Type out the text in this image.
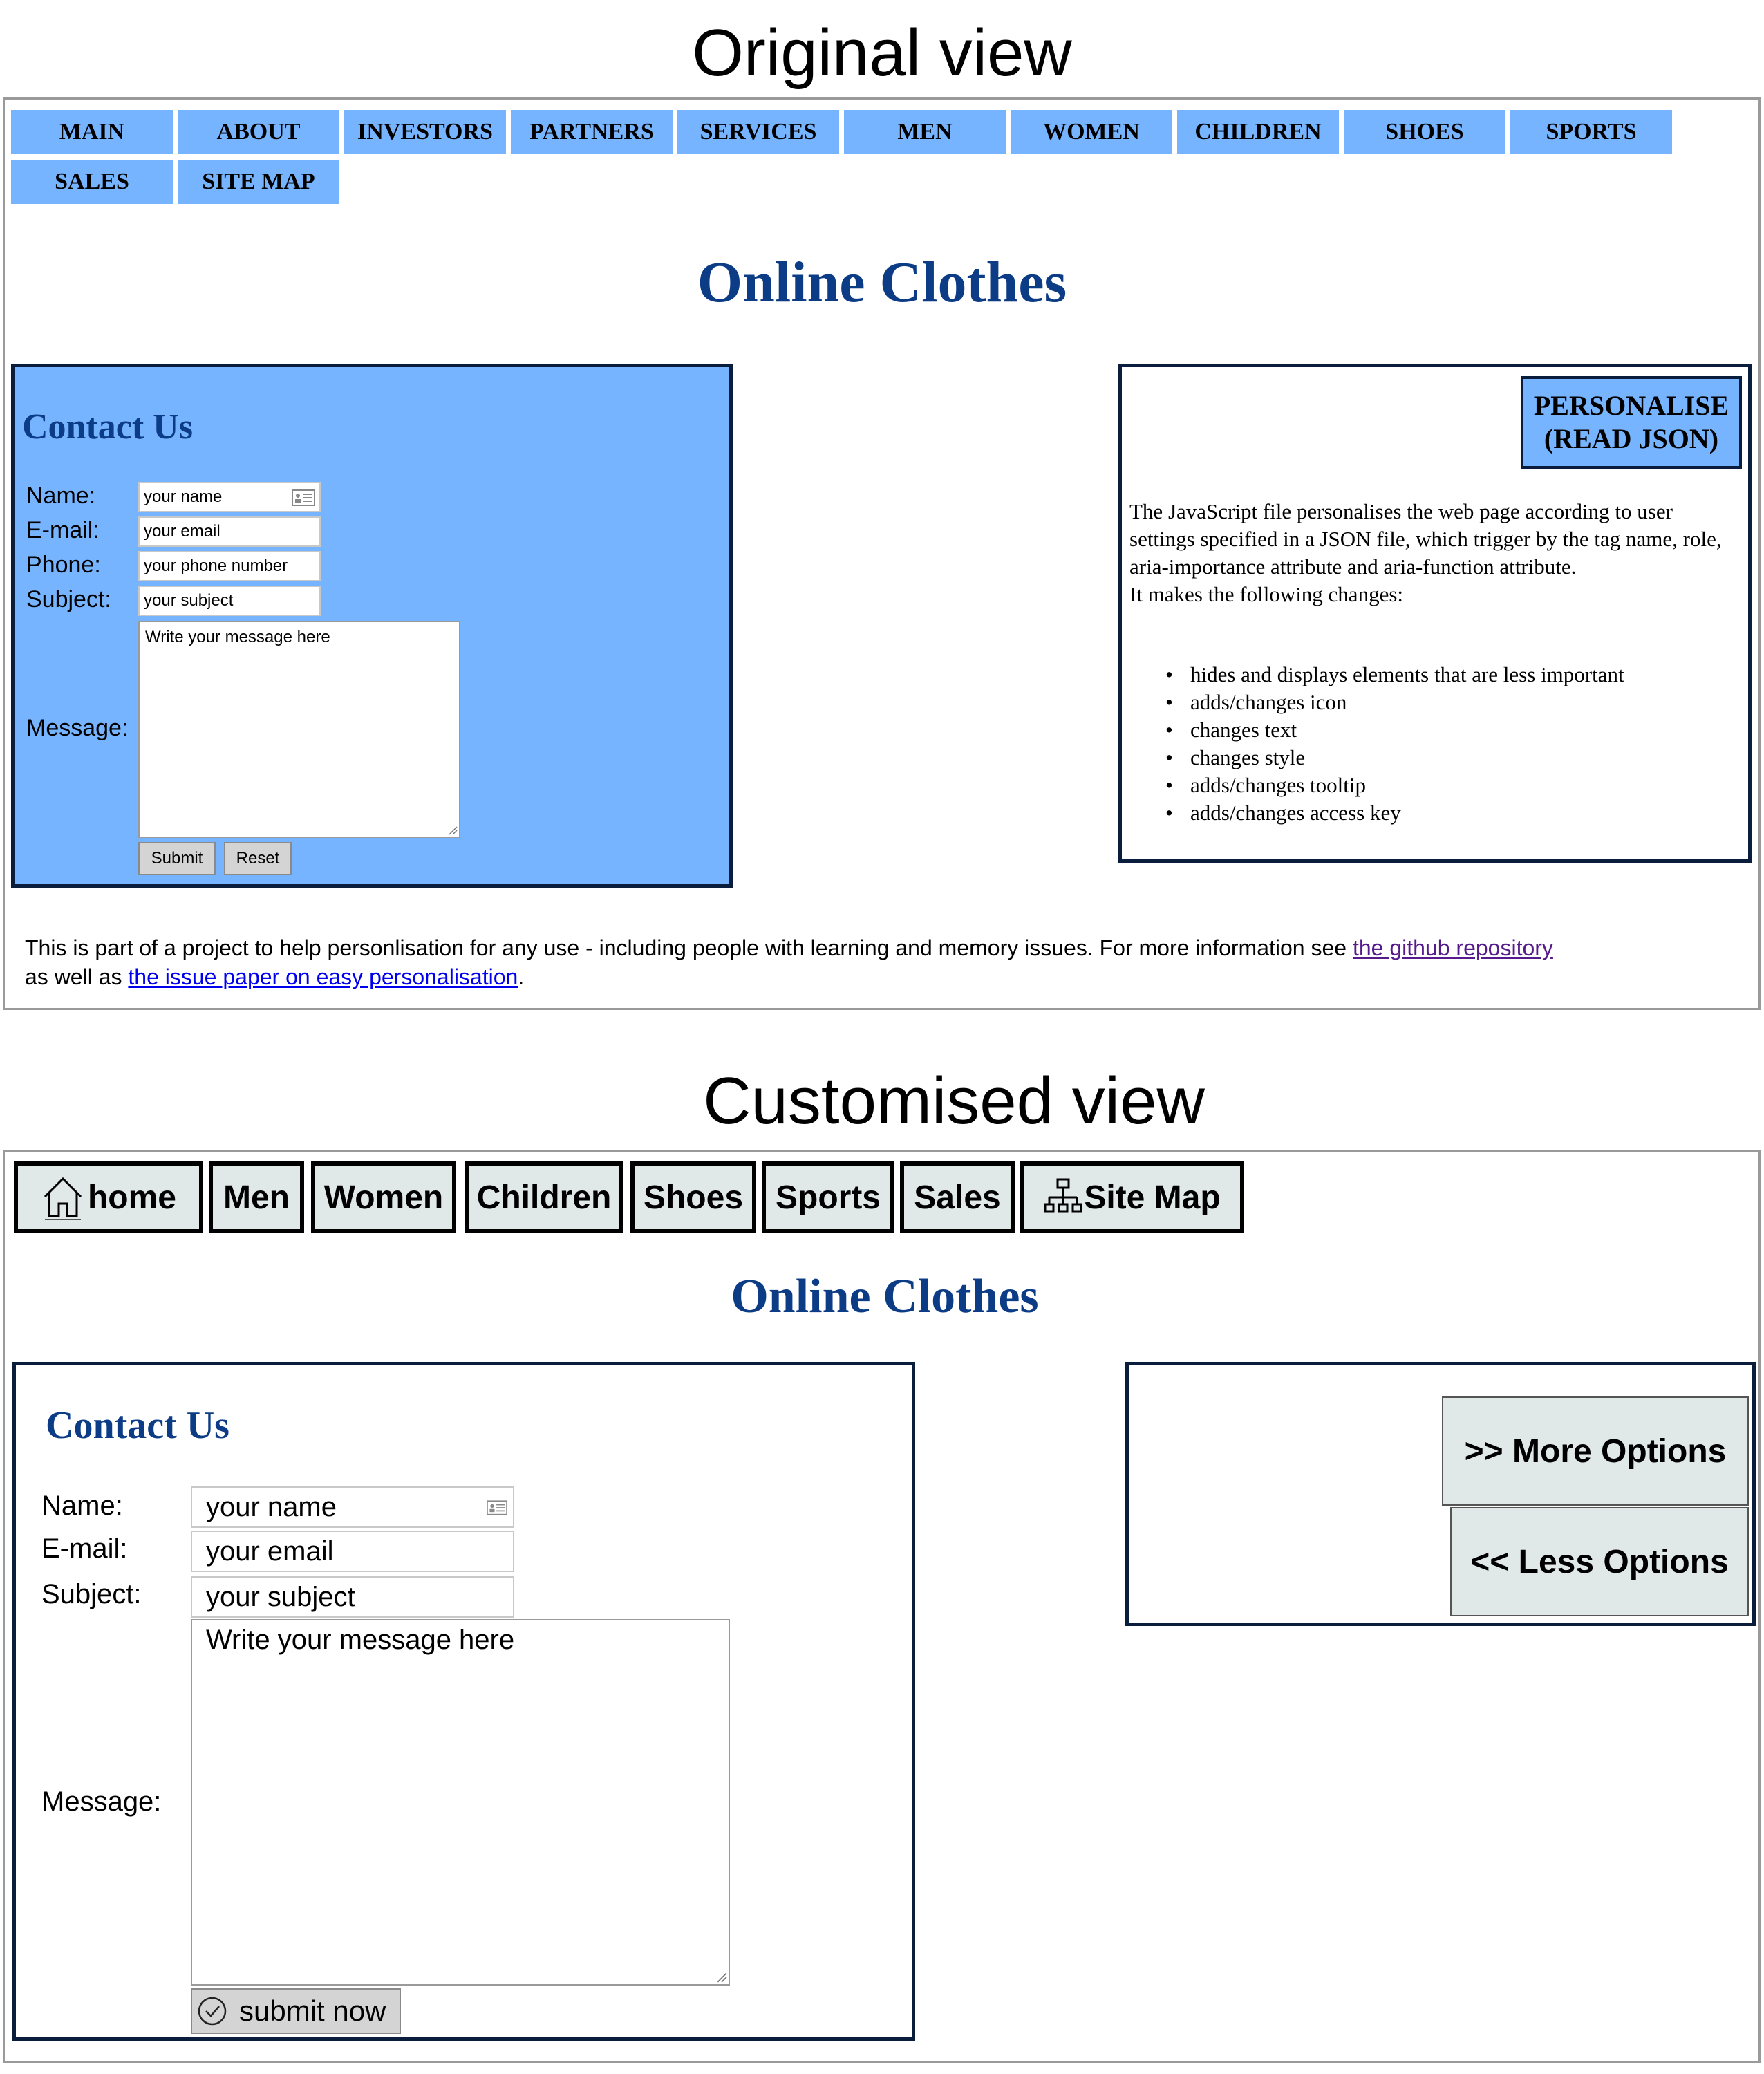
Original view
MAIN	ABOUT	INVESTORS	PARTNERS	SERVICES	MEN	WOMEN	CHILDREN	SHOES	SPORTS
SALES	SITE MAP
Online Clothes
Contact Us
Name:	your name
E-mail:	your email
Phone:	your phone number
Subject:	your subject
Message:
Write your message here
Submit	Reset
PERSONALISE
(READ JSON)
The JavaScript file personalises the web page according to user settings specified in a JSON file, which trigger by the tag name, role, aria-importance attribute and aria-function attribute.
It makes the following changes:
• hides and displays elements that are less important
• adds/changes icon
• changes text
• changes style
• adds/changes tooltip
• adds/changes access key
This is part of a project to help personlisation for any use - including people with learning and memory issues. For more information see the github repository
as well as the issue paper on easy personalisation.
Customised view
home	Men	Women	Children Shoes Sports	Sales	Site Map
Online Clothes
Contact Us
Name:	your name
E-mail:	your email
Subject:	your subject
Message:
Write your message here
submit now
>> More Options
<< Less Options
